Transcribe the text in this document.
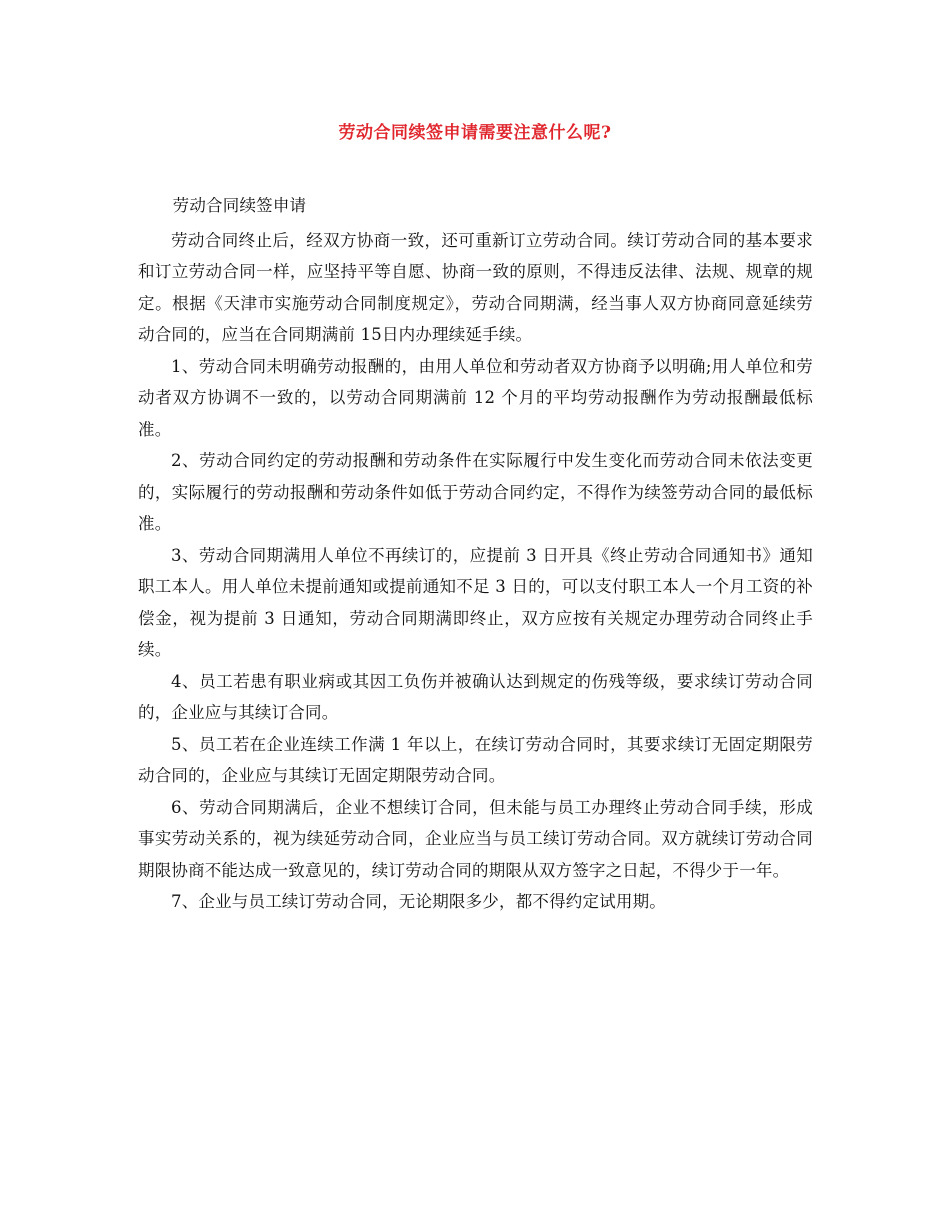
劳动合同续签申请需要注意什么呢?

劳动合同续签申请

劳动合同终止后，经双方协商一致，还可重新订立劳动合同。续订劳动合同的基本要求和订立劳动合同一样，应坚持平等自愿、协商一致的原则，不得违反法律、法规、规章的规定。根据《天津市实施劳动合同制度规定》，劳动合同期满，经当事人双方协商同意延续劳动合同的，应当在合同期满前 15日内办理续延手续。

1、劳动合同未明确劳动报酬的，由用人单位和劳动者双方协商予以明确;用人单位和劳动者双方协调不一致的，以劳动合同期满前 12 个月的平均劳动报酬作为劳动报酬最低标准。

2、劳动合同约定的劳动报酬和劳动条件在实际履行中发生变化而劳动合同未依法变更的，实际履行的劳动报酬和劳动条件如低于劳动合同约定，不得作为续签劳动合同的最低标准。

3、劳动合同期满用人单位不再续订的，应提前 3 日开具《终止劳动合同通知书》通知职工本人。用人单位未提前通知或提前通知不足 3 日的，可以支付职工本人一个月工资的补偿金，视为提前 3 日通知，劳动合同期满即终止，双方应按有关规定办理劳动合同终止手续。

4、员工若患有职业病或其因工负伤并被确认达到规定的伤残等级，要求续订劳动合同的，企业应与其续订合同。

5、员工若在企业连续工作满 1 年以上，在续订劳动合同时，其要求续订无固定期限劳动合同的，企业应与其续订无固定期限劳动合同。

6、劳动合同期满后，企业不想续订合同，但未能与员工办理终止劳动合同手续，形成事实劳动关系的，视为续延劳动合同，企业应当与员工续订劳动合同。双方就续订劳动合同期限协商不能达成一致意见的，续订劳动合同的期限从双方签字之日起，不得少于一年。

7、企业与员工续订劳动合同，无论期限多少，都不得约定试用期。
